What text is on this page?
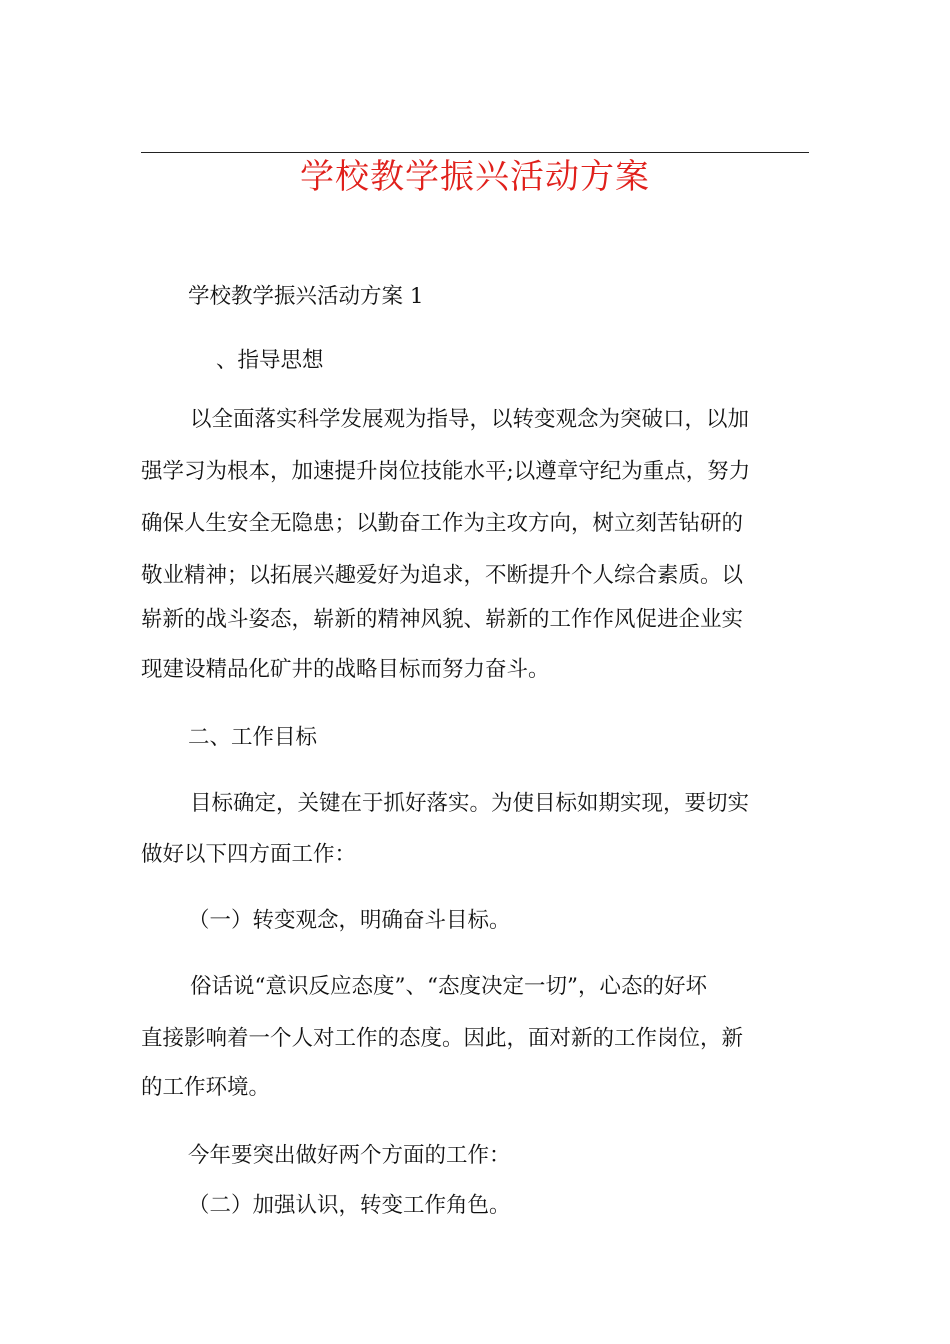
学校教学振兴活动方案
学校教学振兴活动方案 1
、指导思想
以全面落实科学发展观为指导，以转变观念为突破口，以加
强学习为根本，加速提升岗位技能水平;以遵章守纪为重点，努力
确保人生安全无隐患；以勤奋工作为主攻方向，树立刻苦钻研的
敬业精神；以拓展兴趣爱好为追求，不断提升个人综合素质。以
崭新的战斗姿态，崭新的精神风貌、崭新的工作作风促进企业实
现建设精品化矿井的战略目标而努力奋斗。
二、工作目标
目标确定，关键在于抓好落实。为使目标如期实现，要切实
做好以下四方面工作：
（一）转变观念，明确奋斗目标。
俗话说“意识反应态度”、“态度决定一切”，心态的好坏
直接影响着一个人对工作的态度。因此，面对新的工作岗位，新
的工作环境。
今年要突出做好两个方面的工作：
（二）加强认识，转变工作角色。
